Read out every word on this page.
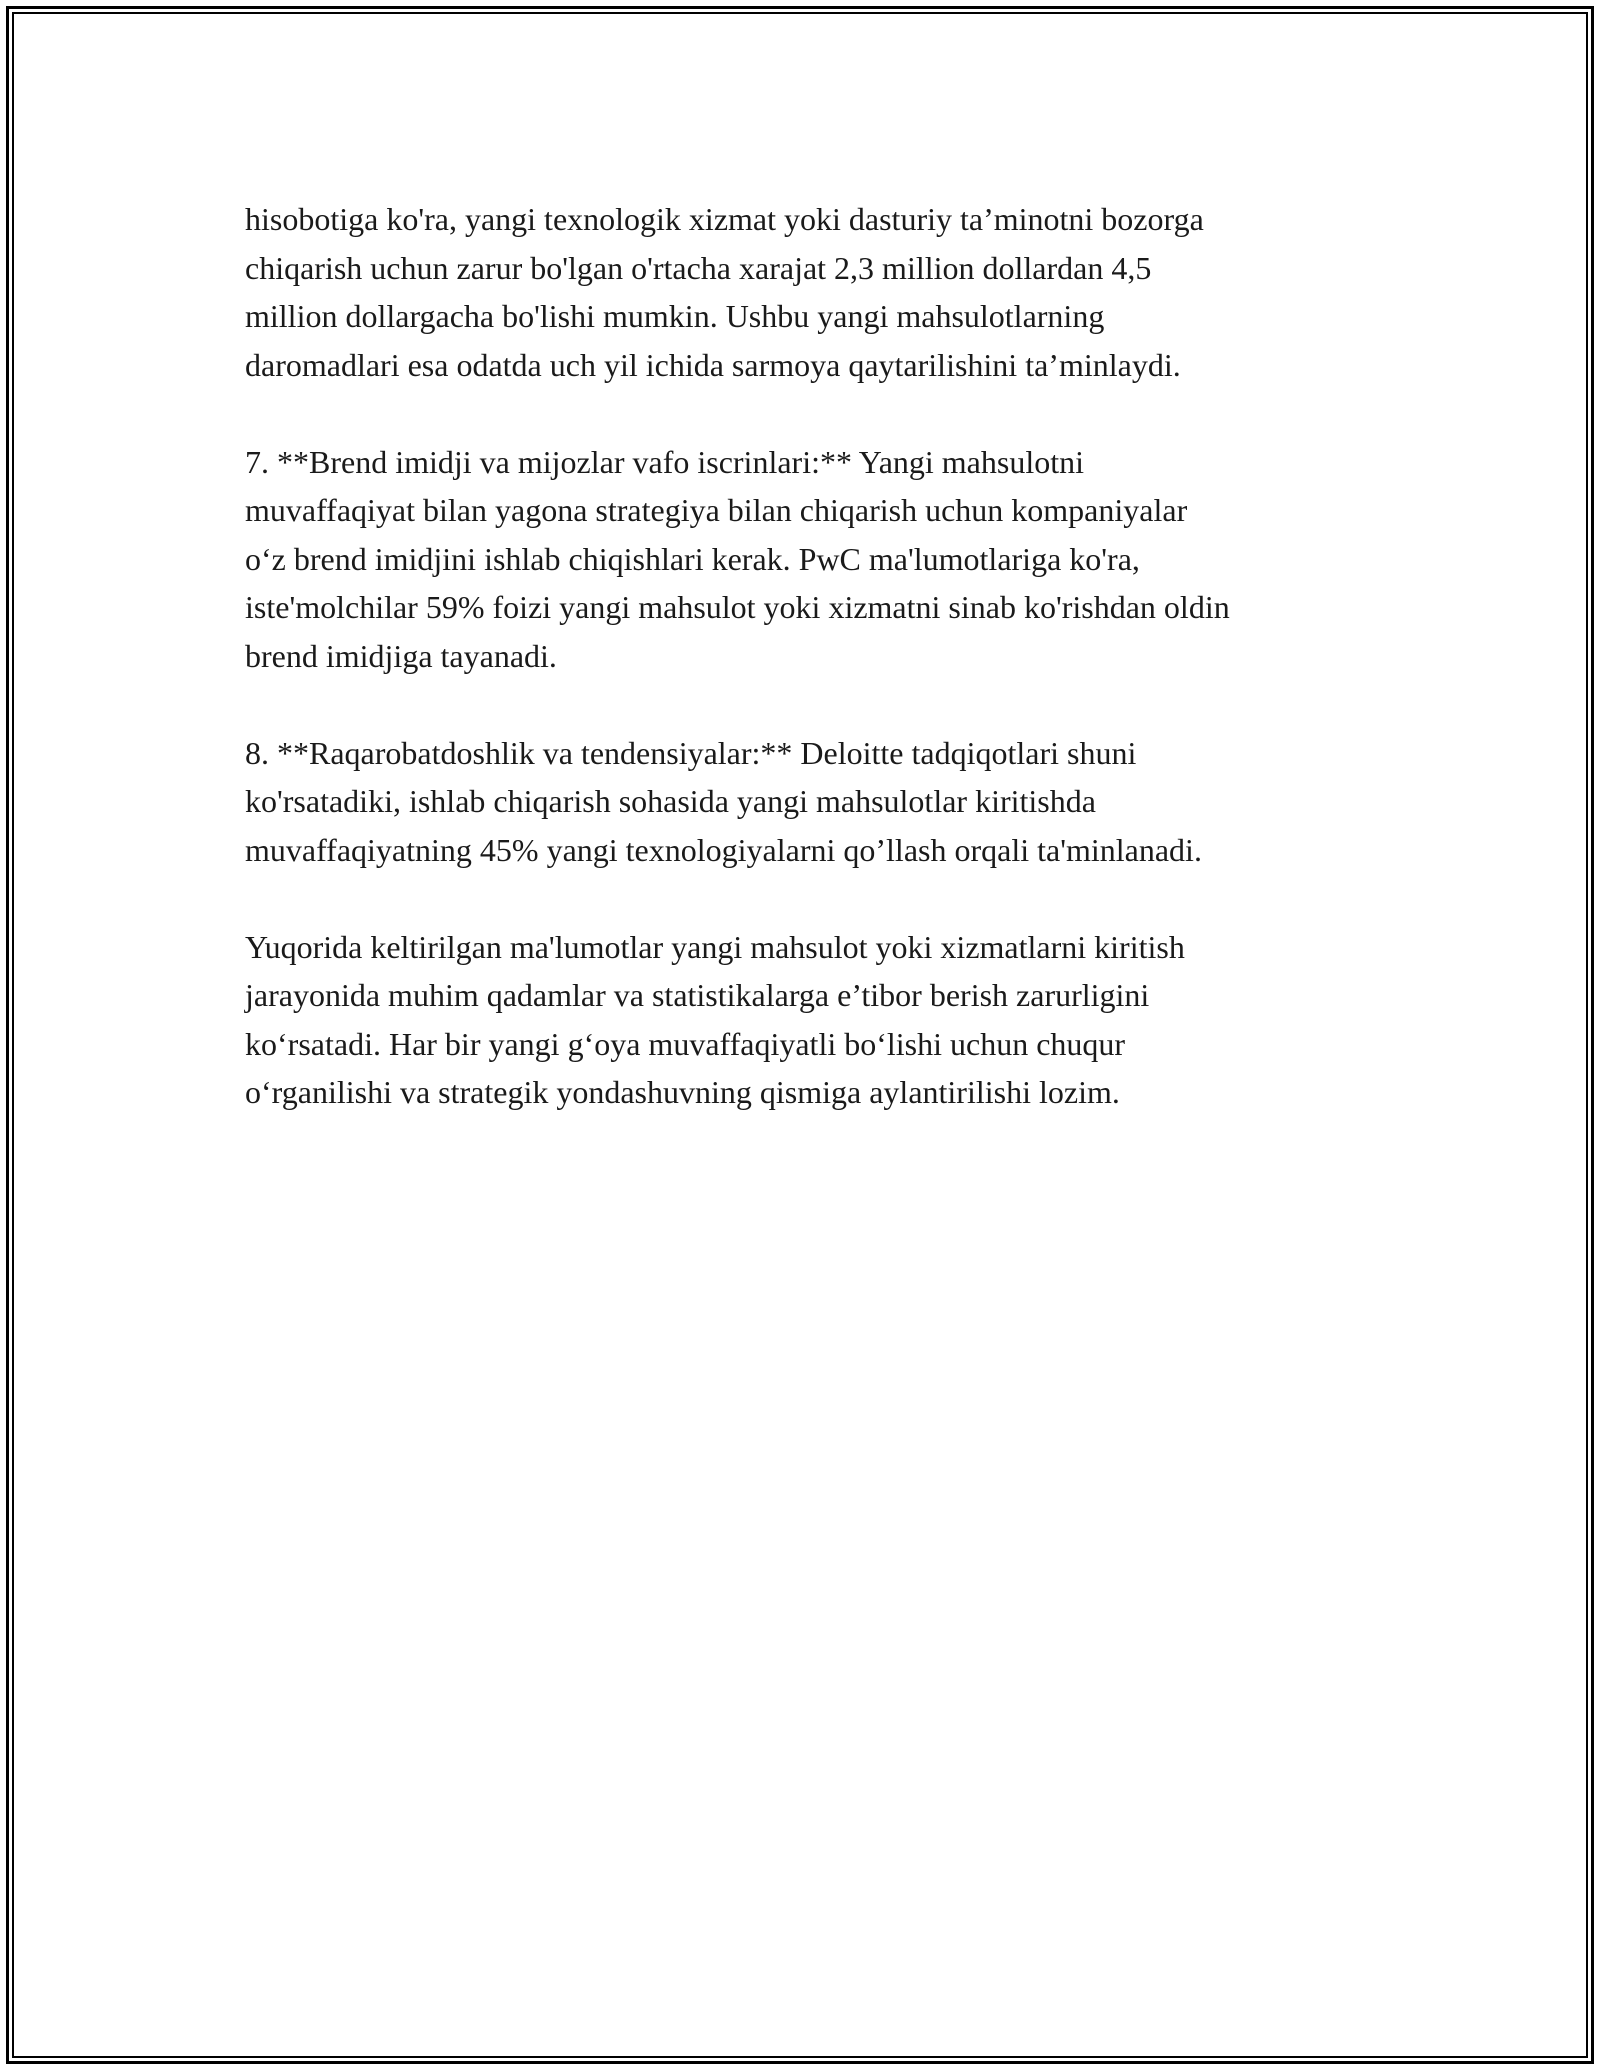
hisobotiga ko'ra, yangi texnologik xizmat yoki dasturiy ta’minotni bozorga
chiqarish uchun zarur bo'lgan o'rtacha xarajat 2,3 million dollardan 4,5
million dollargacha bo'lishi mumkin. Ushbu yangi mahsulotlarning
daromadlari esa odatda uch yil ichida sarmoya qaytarilishini ta’minlaydi.

7. **Brend imidji va mijozlar vafo iscrinlari:** Yangi mahsulotni
muvaffaqiyat bilan yagona strategiya bilan chiqarish uchun kompaniyalar
o‘z brend imidjini ishlab chiqishlari kerak. PwC ma'lumotlariga ko'ra,
iste'molchilar 59% foizi yangi mahsulot yoki xizmatni sinab ko'rishdan oldin
brend imidjiga tayanadi.

8. **Raqarobatdoshlik va tendensiyalar:** Deloitte tadqiqotlari shuni
ko'rsatadiki, ishlab chiqarish sohasida yangi mahsulotlar kiritishda
muvaffaqiyatning 45% yangi texnologiyalarni qo’llash orqali ta'minlanadi.

Yuqorida keltirilgan ma'lumotlar yangi mahsulot yoki xizmatlarni kiritish
jarayonida muhim qadamlar va statistikalarga e’tibor berish zarurligini
ko‘rsatadi. Har bir yangi g‘oya muvaffaqiyatli bo‘lishi uchun chuqur
o‘rganilishi va strategik yondashuvning qismiga aylantirilishi lozim.
